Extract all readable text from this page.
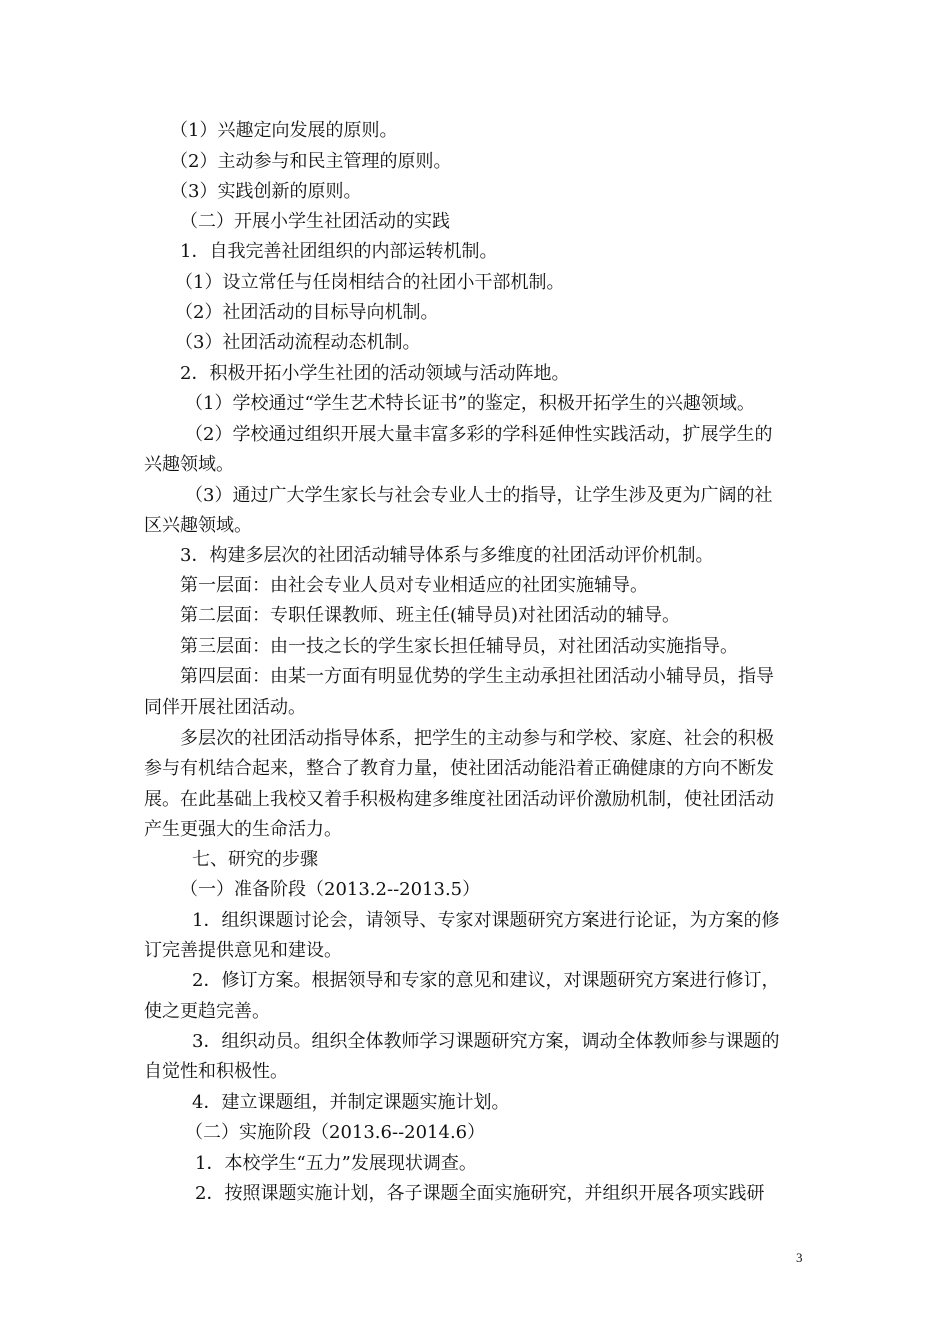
（1）兴趣定向发展的原则。
（2）主动参与和民主管理的原则。
（3）实践创新的原则。
（二）开展小学生社团活动的实践
1．自我完善社团组织的内部运转机制。
（1）设立常任与任岗相结合的社团小干部机制。
（2）社团活动的目标导向机制。
（3）社团活动流程动态机制。
2．积极开拓小学生社团的活动领域与活动阵地。
（1）学校通过“学生艺术特长证书”的鉴定，积极开拓学生的兴趣领域。
（2）学校通过组织开展大量丰富多彩的学科延伸性实践活动，扩展学生的
兴趣领域。
（3）通过广大学生家长与社会专业人士的指导，让学生涉及更为广阔的社
区兴趣领域。
3．构建多层次的社团活动辅导体系与多维度的社团活动评价机制。
第一层面：由社会专业人员对专业相适应的社团实施辅导。
第二层面：专职任课教师、班主任(辅导员)对社团活动的辅导。
第三层面：由一技之长的学生家长担任辅导员，对社团活动实施指导。
第四层面：由某一方面有明显优势的学生主动承担社团活动小辅导员，指导
同伴开展社团活动。
多层次的社团活动指导体系，把学生的主动参与和学校、家庭、社会的积极
参与有机结合起来，整合了教育力量，使社团活动能沿着正确健康的方向不断发
展。在此基础上我校又着手积极构建多维度社团活动评价激励机制，使社团活动
产生更强大的生命活力。
七、研究的步骤
（一）准备阶段（2013.2--2013.5）
1．组织课题讨论会，请领导、专家对课题研究方案进行论证，为方案的修
订完善提供意见和建设。
2．修订方案。根据领导和专家的意见和建议，对课题研究方案进行修订，
使之更趋完善。
3．组织动员。组织全体教师学习课题研究方案，调动全体教师参与课题的
自觉性和积极性。
4．建立课题组，并制定课题实施计划。
（二）实施阶段（2013.6--2014.6）
1．本校学生“五力”发展现状调查。
2．按照课题实施计划，各子课题全面实施研究，并组织开展各项实践研
3
